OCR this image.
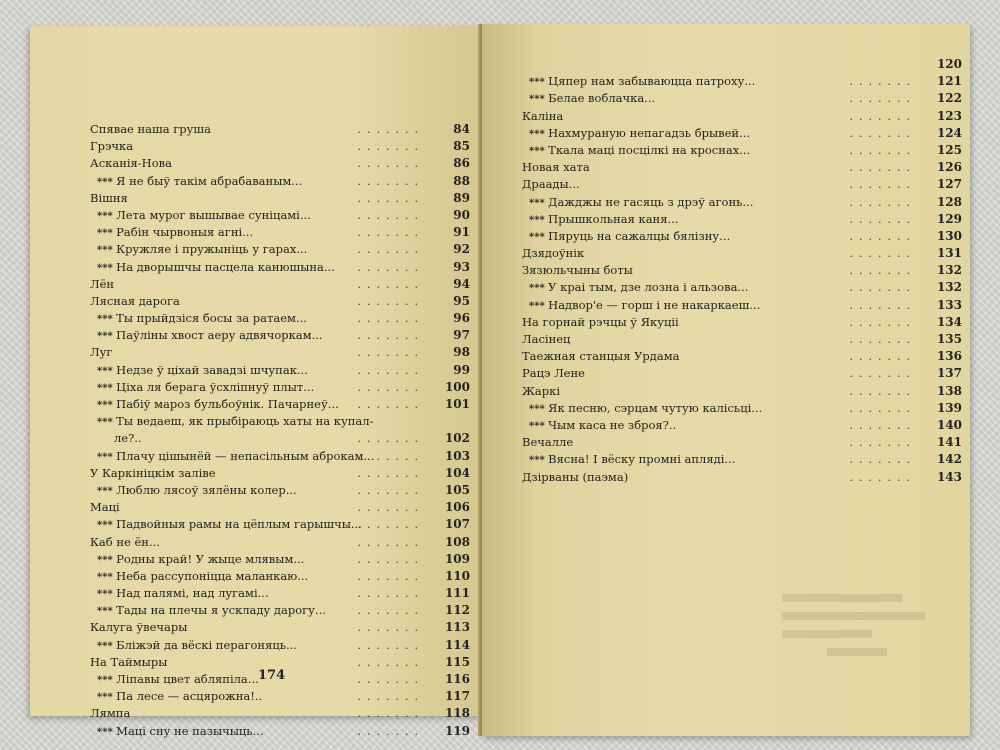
Спявае наша груша	.......	84
Грэчка	.......	85
Асканія-Нова	.......	86
*** Я не быў такім абрабаваным...	.......	88
Вішня	.......	89
*** Лета мурог вышывае суніцамі...	.......	90
*** Рабін чырвоныя агні...	.......	91
*** Кружляе і пружыніць у гарах...	.......	92
*** На дворышчы пасцела канюшына...	.......	93
Лён	.......	94
Лясная дарога	.......	95
*** Ты прыйдзіся босы за ратаем...	.......	96
*** Паўліны хвост аеру адвячоркам...	.......	97
Луг	.......	98
*** Недзе ў ціхай завадзі шчупак...	.......	99
*** Ціха ля берага ўсхліпнуў плыт...	.......	100
*** Пабіў мароз бульбоўнік. Пачарнеў...	.......	101
*** Ты ведаеш, як прыбіраюць хаты на купал-
ле?..	.......	102
*** Плачу цішынёй — непасільным аброкам...
.......	103
У Каркініцкім заліве	.......	104
*** Люблю лясоў зялёны колер...	.......	105
Маці	.......	106
*** Падвойныя рамы на цёплым гарышчы...
.......	107
Каб не ён...	.......	108
*** Родны край! У жыце млявым...	.......	109
*** Неба рассупоніцца маланкаю...	.......	110
*** Над палямі, над лугамі...	.......	111
*** Тады на плечы я ускладу дарогу...	.......	112
Калуга ўвечары	.......	113
*** Бліжэй да вёскі перагоняць...	.......	114
На Таймыры	.......	115
*** Ліпавы цвет абляпіла...	.......	116
*** Па лесе — асцярожна!..	.......	117
Лямпа	.......	118
*** Маці сну не пазычыць...	.......	119
174
120
*** Цяпер нам забываюцца патроху...	.......	121
*** Белае воблачка...	.......	122
Каліна	.......	123
*** Нахмураную непагадзь брывей...	.......	124
*** Ткала маці посцілкі на кроснах...	.......	125
Новая хата	.......	126
Драады...	.......	127
*** Дажджы не гасяць з дрэў агонь...	.......	128
*** Прышкольная каня...	.......	129
*** Пяруць на сажалцы бялізну...	.......	130
Дзядоўнік	.......	131
Зязюльчыны боты	.......	132
*** У краі тым, дзе лозна і альзова...	.......	132
*** Надвор'е — горш і не накаркаеш...	.......	133
На горнай рэчцы ў Якуціі	.......	134
Ласінец	.......	135
Таежная станцыя Урдама	.......	136
Рацэ Лене	.......	137
Жаркі	.......	138
*** Як песню, сэрцам чутую калісьці...	.......	139
*** Чым каса не зброя?..	.......	140
Вечалле	.......	141
*** Вясна! І вёску промні апляді...	.......	142
Дзірваны (паэма)	.......	143
